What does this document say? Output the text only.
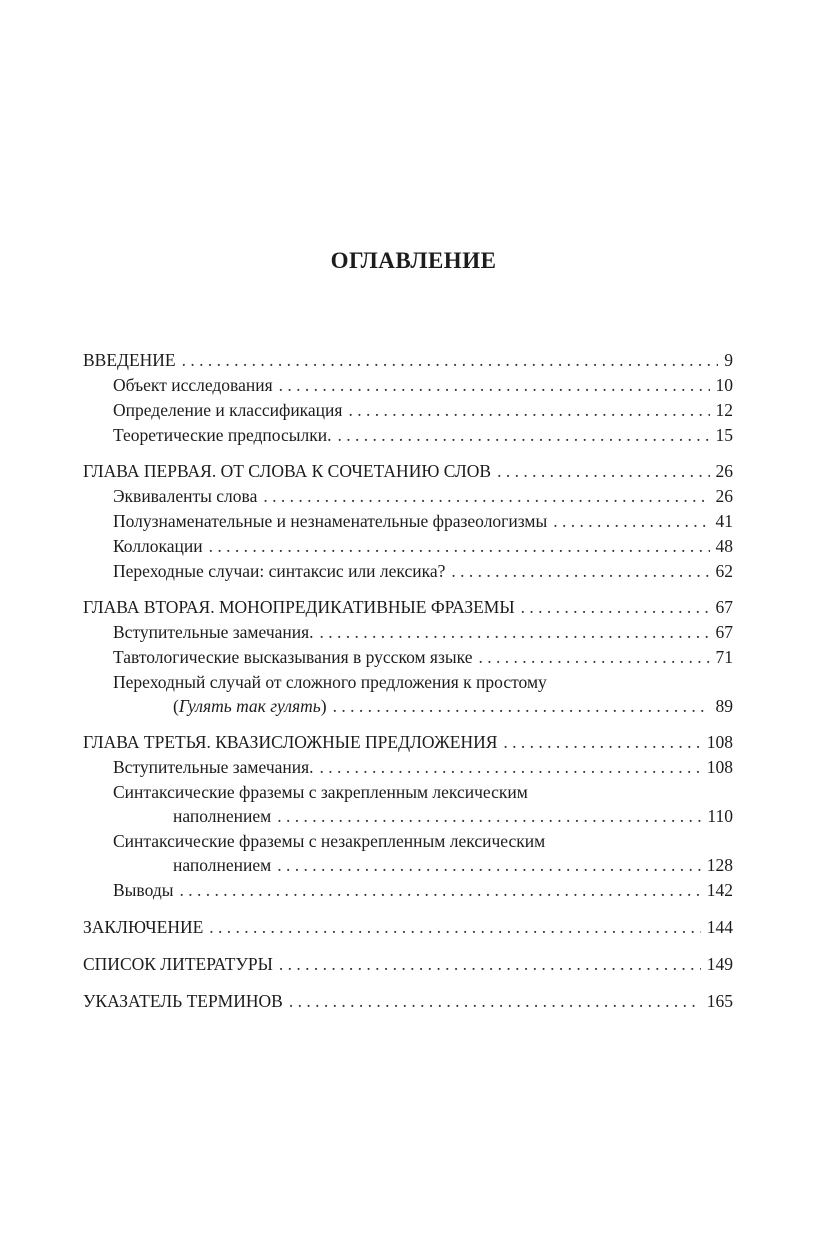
ОГЛАВЛЕНИЕ
ВВЕДЕНИЕ . . .	9
Объект исследования . . .	10
Определение и классификация . . .	12
Теоретические предпосылки. . . .	15
ГЛАВА ПЕРВАЯ. ОТ СЛОВА К СОЧЕТАНИЮ СЛОВ . . .	26
Эквиваленты слова . . .	26
Полузнаменательные и незнаменательные фразеологизмы . . .	41
Коллокации . . .	48
Переходные случаи: синтаксис или лексика? . . .	62
ГЛАВА ВТОРАЯ. МОНОПРЕДИКАТИВНЫЕ ФРАЗЕМЫ . . .	67
Вступительные замечания. . . .	67
Тавтологические высказывания в русском языке . . .	71
Переходный случай от сложного предложения к простому
(Гулять так гулять) . . .	89
ГЛАВА ТРЕТЬЯ. КВАЗИСЛОЖНЫЕ ПРЕДЛОЖЕНИЯ . . .	108
Вступительные замечания. . . .	108
Синтаксические фраземы с закрепленным лексическим
наполнением . . .	110
Синтаксические фраземы с незакрепленным лексическим
наполнением . . .	128
Выводы . . .	142
ЗАКЛЮЧЕНИЕ . . .	144
СПИСОК ЛИТЕРАТУРЫ . . .	149
УКАЗАТЕЛЬ ТЕРМИНОВ . . .	165
